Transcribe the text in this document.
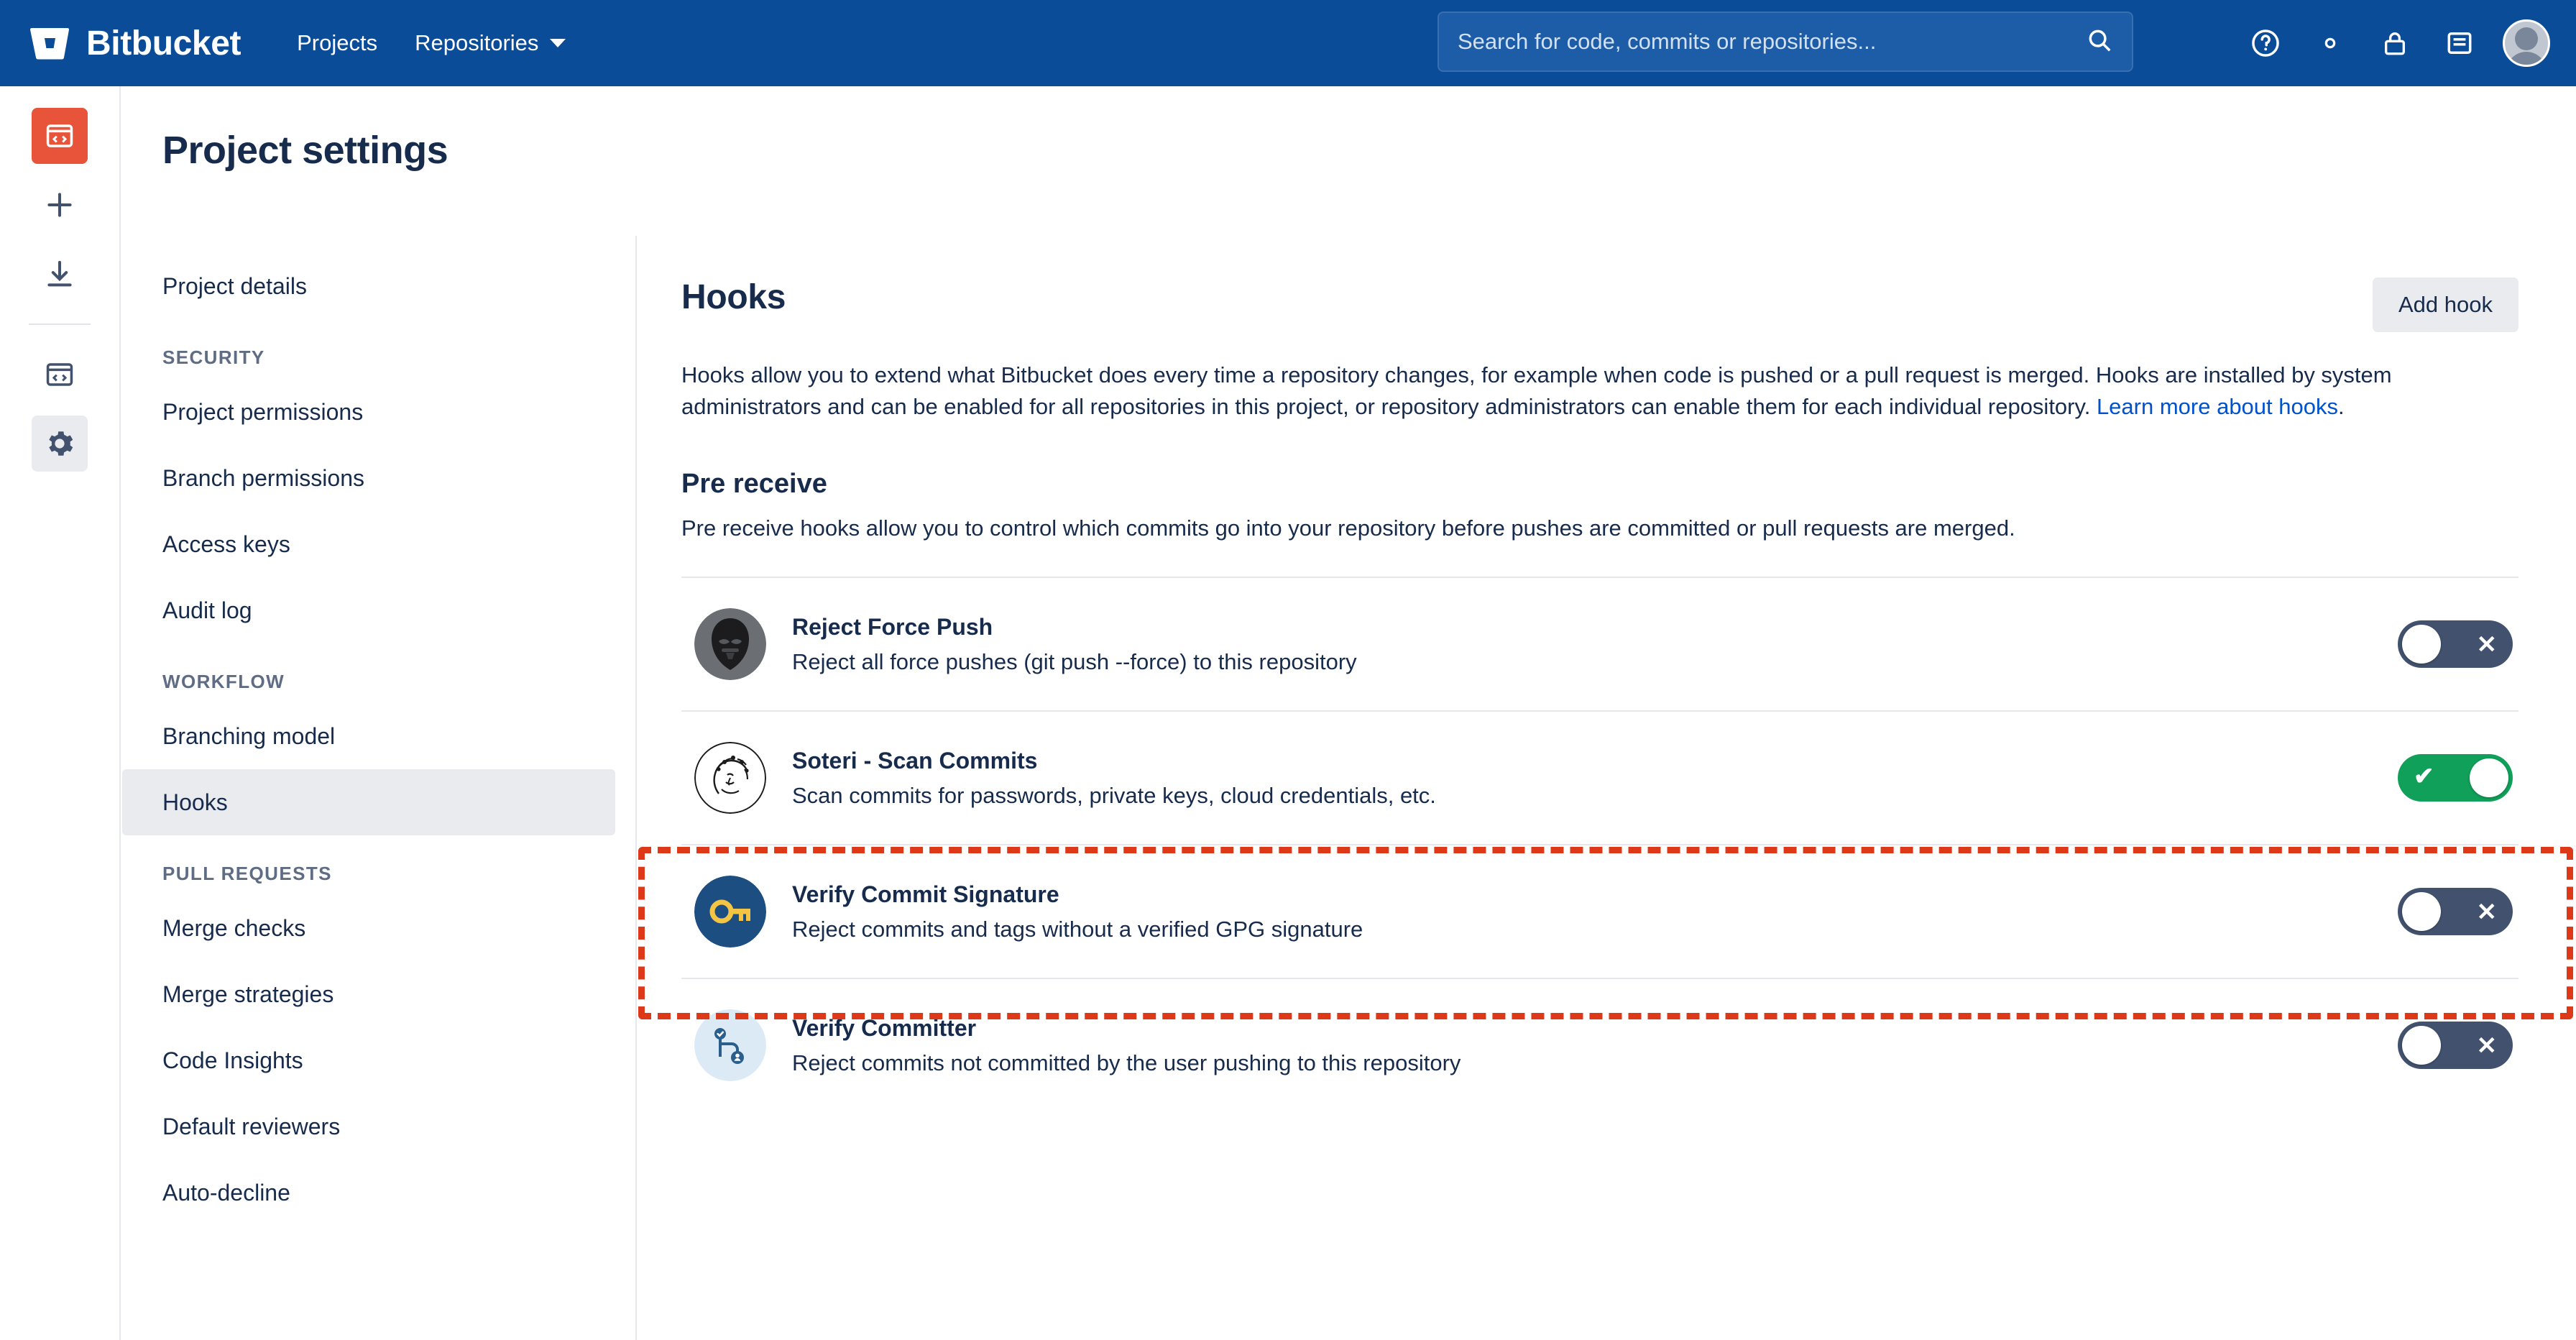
Bitbucket	Projects Repositories
Search for code, commits or repositories...
Project settings
Project details
SECURITY
Project permissions
Branch permissions
Access keys
Audit log
WORKFLOW
Branching model
Hooks
PULL REQUESTS
Merge checks
Merge strategies
Code Insights
Default reviewers
Auto-decline
Hooks	Add hook
Hooks allow you to extend what Bitbucket does every time a repository changes, for example when code is pushed or a pull request is merged. Hooks are installed by system administrators and can be enabled for all repositories in this project, or repository administrators can enable them for each individual repository. Learn more about hooks.
Pre receive
Pre receive hooks allow you to control which commits go into your repository before pushes are committed or pull requests are merged.
Reject Force Push
Reject all force pushes (git push --force) to this repository
✕
Soteri - Scan Commits
Scan commits for passwords, private keys, cloud credentials, etc.
✔
Verify Commit Signature
Reject commits and tags without a verified GPG signature
✕
Verify Committer
Reject commits not committed by the user pushing to this repository
✕
